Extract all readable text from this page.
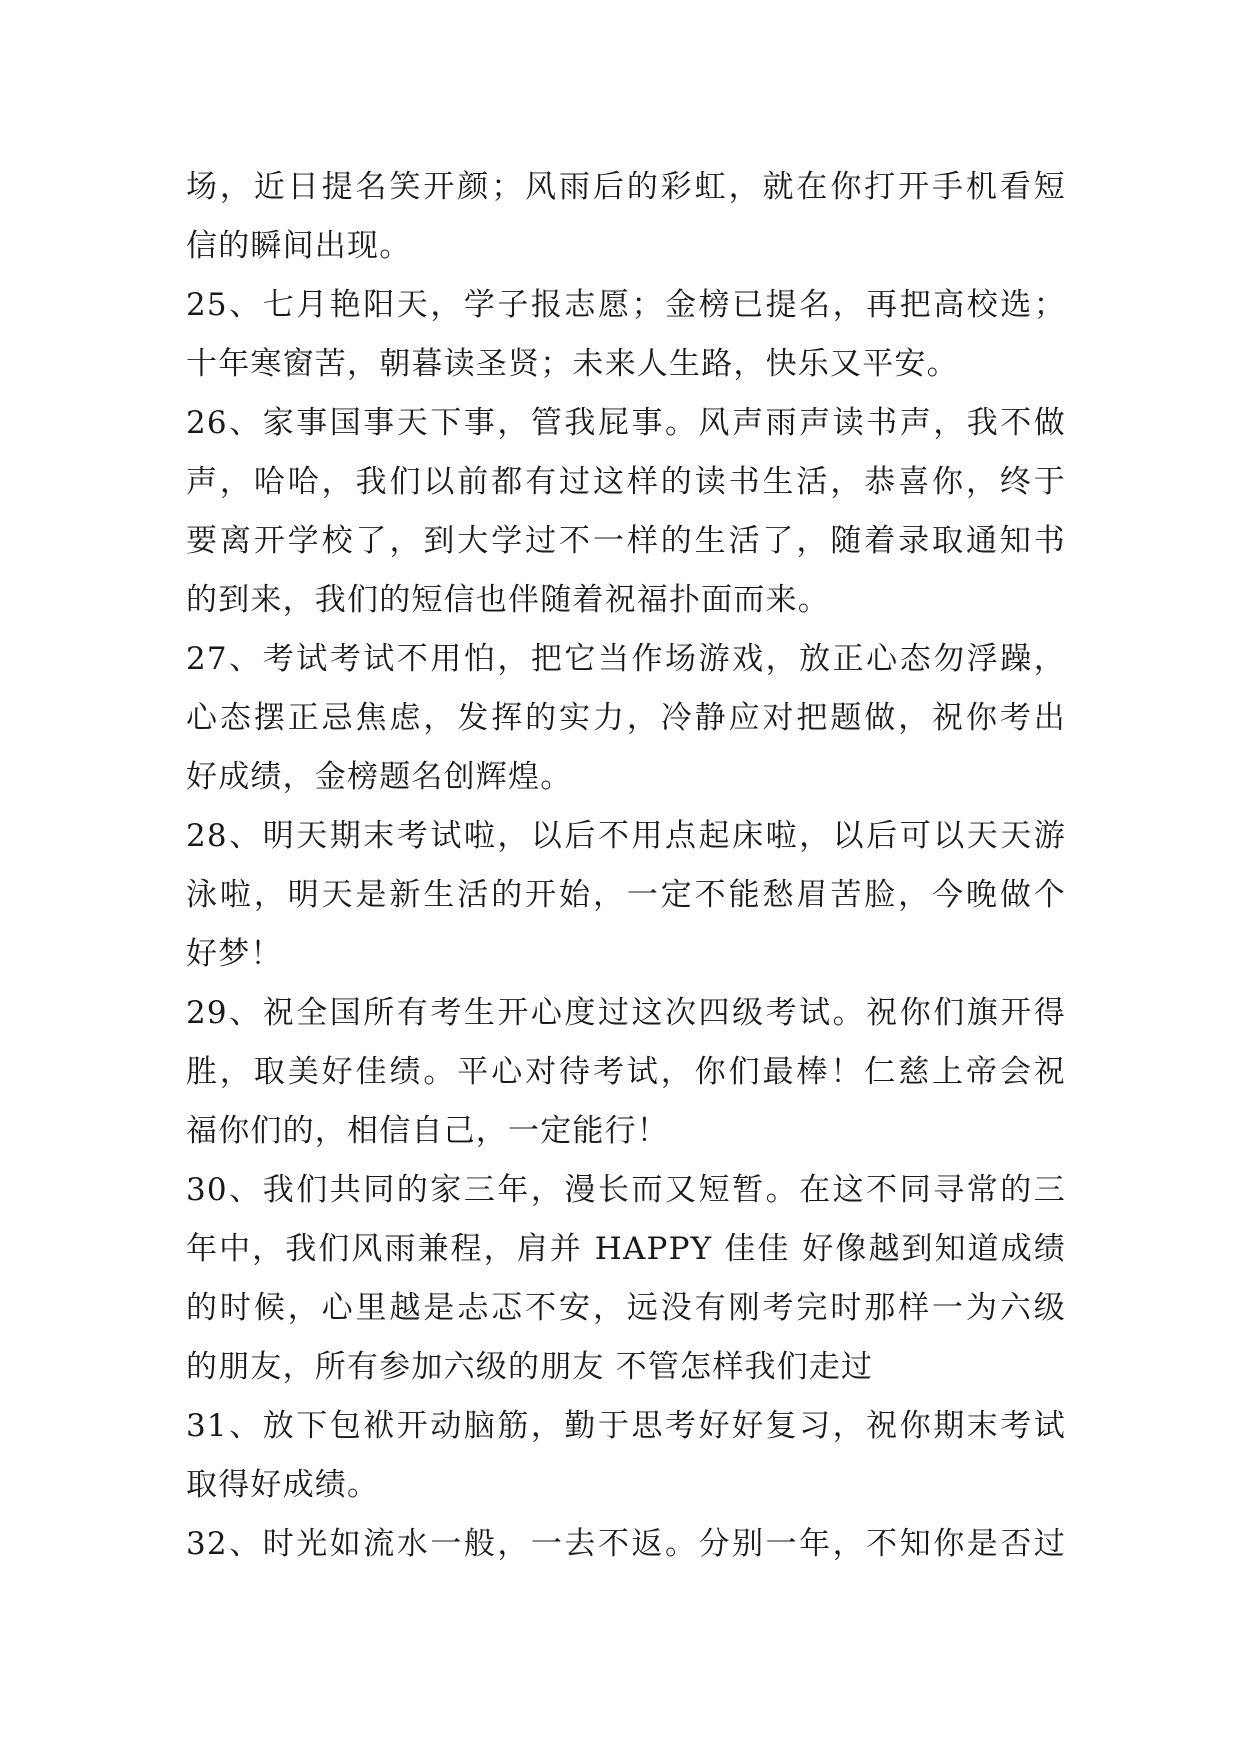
场，近日提名笑开颜；风雨后的彩虹，就在你打开手机看短
信的瞬间出现。
25、七月艳阳天，学子报志愿；金榜已提名，再把高校选；
十年寒窗苦，朝暮读圣贤；未来人生路，快乐又平安。
26、家事国事天下事，管我屁事。风声雨声读书声，我不做
声，哈哈，我们以前都有过这样的读书生活，恭喜你，终于
要离开学校了，到大学过不一样的生活了，随着录取通知书
的到来，我们的短信也伴随着祝福扑面而来。
27、考试考试不用怕，把它当作场游戏，放正心态勿浮躁，
心态摆正忌焦虑，发挥的实力，冷静应对把题做，祝你考出
好成绩，金榜题名创辉煌。
28、明天期末考试啦，以后不用点起床啦，以后可以天天游
泳啦，明天是新生活的开始，一定不能愁眉苦脸，今晚做个
好梦！
29、祝全国所有考生开心度过这次四级考试。祝你们旗开得
胜，取美好佳绩。平心对待考试，你们最棒！仁慈上帝会祝
福你们的，相信自己，一定能行！
30、我们共同的家三年，漫长而又短暂。在这不同寻常的三
年中，我们风雨兼程，肩并 HAPPY 佳佳 好像越到知道成绩
的时候，心里越是忐忑不安，远没有刚考完时那样一为六级
的朋友，所有参加六级的朋友 不管怎样我们走过
31、放下包袱开动脑筋，勤于思考好好复习，祝你期末考试
取得好成绩。
32、时光如流水一般，一去不返。分别一年，不知你是否过
